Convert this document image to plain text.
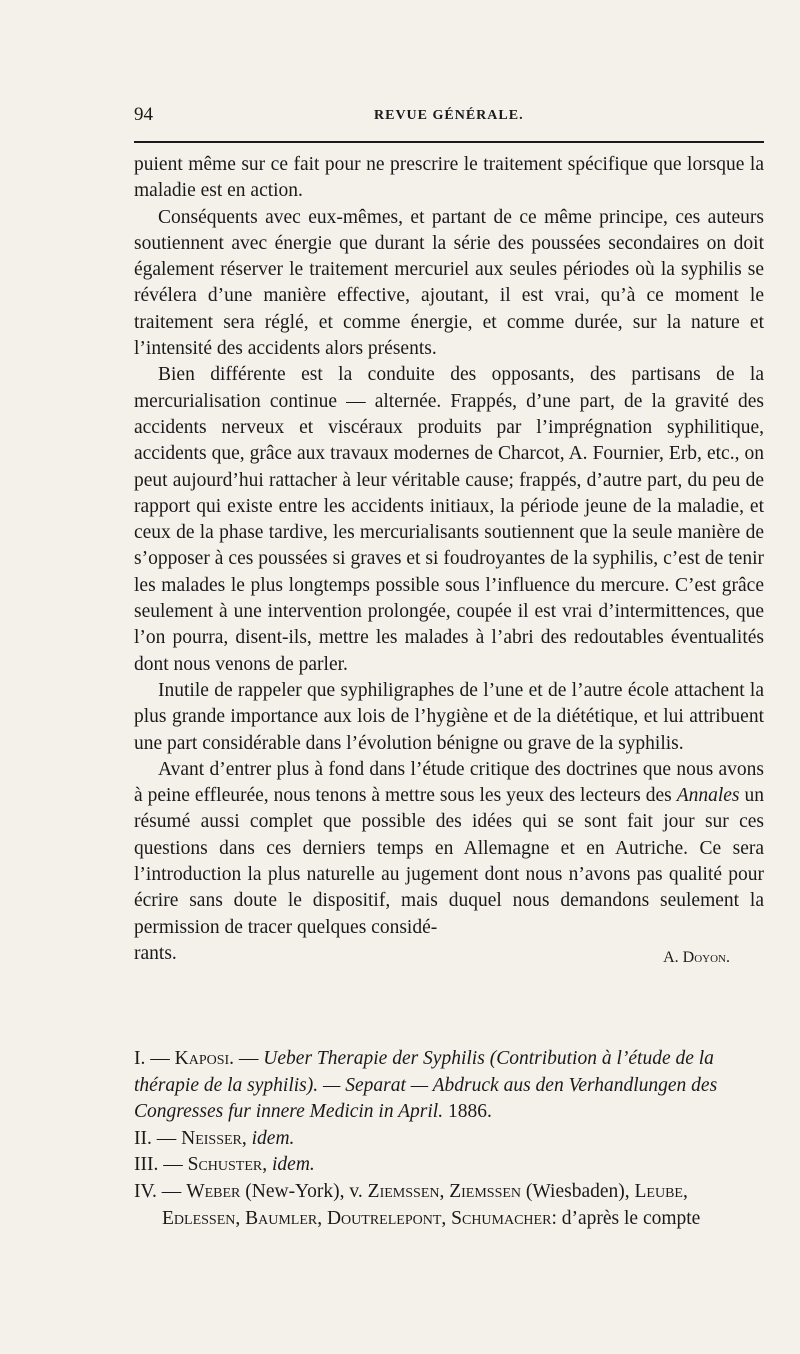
94	REVUE GÉNÉRALE.

puient même sur ce fait pour ne prescrire le traitement spécifique que lorsque la maladie est en action.

Conséquents avec eux-mêmes, et partant de ce même principe, ces auteurs soutiennent avec énergie que durant la série des poussées secondaires on doit également réserver le traitement mercuriel aux seules périodes où la syphilis se révélera d’une manière effective, ajoutant, il est vrai, qu’à ce moment le traitement sera réglé, et comme énergie, et comme durée, sur la nature et l’intensité des accidents alors présents.

Bien différente est la conduite des opposants, des partisans de la mercurialisation continue — alternée. Frappés, d’une part, de la gravité des accidents nerveux et viscéraux produits par l’imprégnation syphilitique, accidents que, grâce aux travaux modernes de Charcot, A. Fournier, Erb, etc., on peut aujourd’hui rattacher à leur véritable cause; frappés, d’autre part, du peu de rapport qui existe entre les accidents initiaux, la période jeune de la maladie, et ceux de la phase tardive, les mercurialisants soutiennent que la seule manière de s’opposer à ces poussées si graves et si foudroyantes de la syphilis, c’est de tenir les malades le plus longtemps possible sous l’influence du mercure. C’est grâce seulement à une intervention prolongée, coupée il est vrai d’intermittences, que l’on pourra, disent-ils, mettre les malades à l’abri des redoutables éventualités dont nous venons de parler.

Inutile de rappeler que syphiligraphes de l’une et de l’autre école attachent la plus grande importance aux lois de l’hygiène et de la diététique, et lui attribuent une part considérable dans l’évolution bénigne ou grave de la syphilis.

Avant d’entrer plus à fond dans l’étude critique des doctrines que nous avons à peine effleurée, nous tenons à mettre sous les yeux des lecteurs des Annales un résumé aussi complet que possible des idées qui se sont fait jour sur ces questions dans ces derniers temps en Allemagne et en Autriche. Ce sera l’introduction la plus naturelle au jugement dont nous n’avons pas qualité pour écrire sans doute le dispositif, mais duquel nous demandons seulement la permission de tracer quelques considé-

rants.	A. Doyon.

I. — Kaposi. — Ueber Therapie der Syphilis (Contribution à l’étude de la thérapie de la syphilis). — Separat — Abdruck aus den Verhandlungen des Congresses fur innere Medicin in April. 1886.

II. — Neisser, idem.

III. — Schuster, idem.

IV. — Weber (New-York), v. Ziemssen, Ziemssen (Wiesbaden), Leube,
Edlessen, Baumler, Doutrelepont, Schumacher: d’après le compte
